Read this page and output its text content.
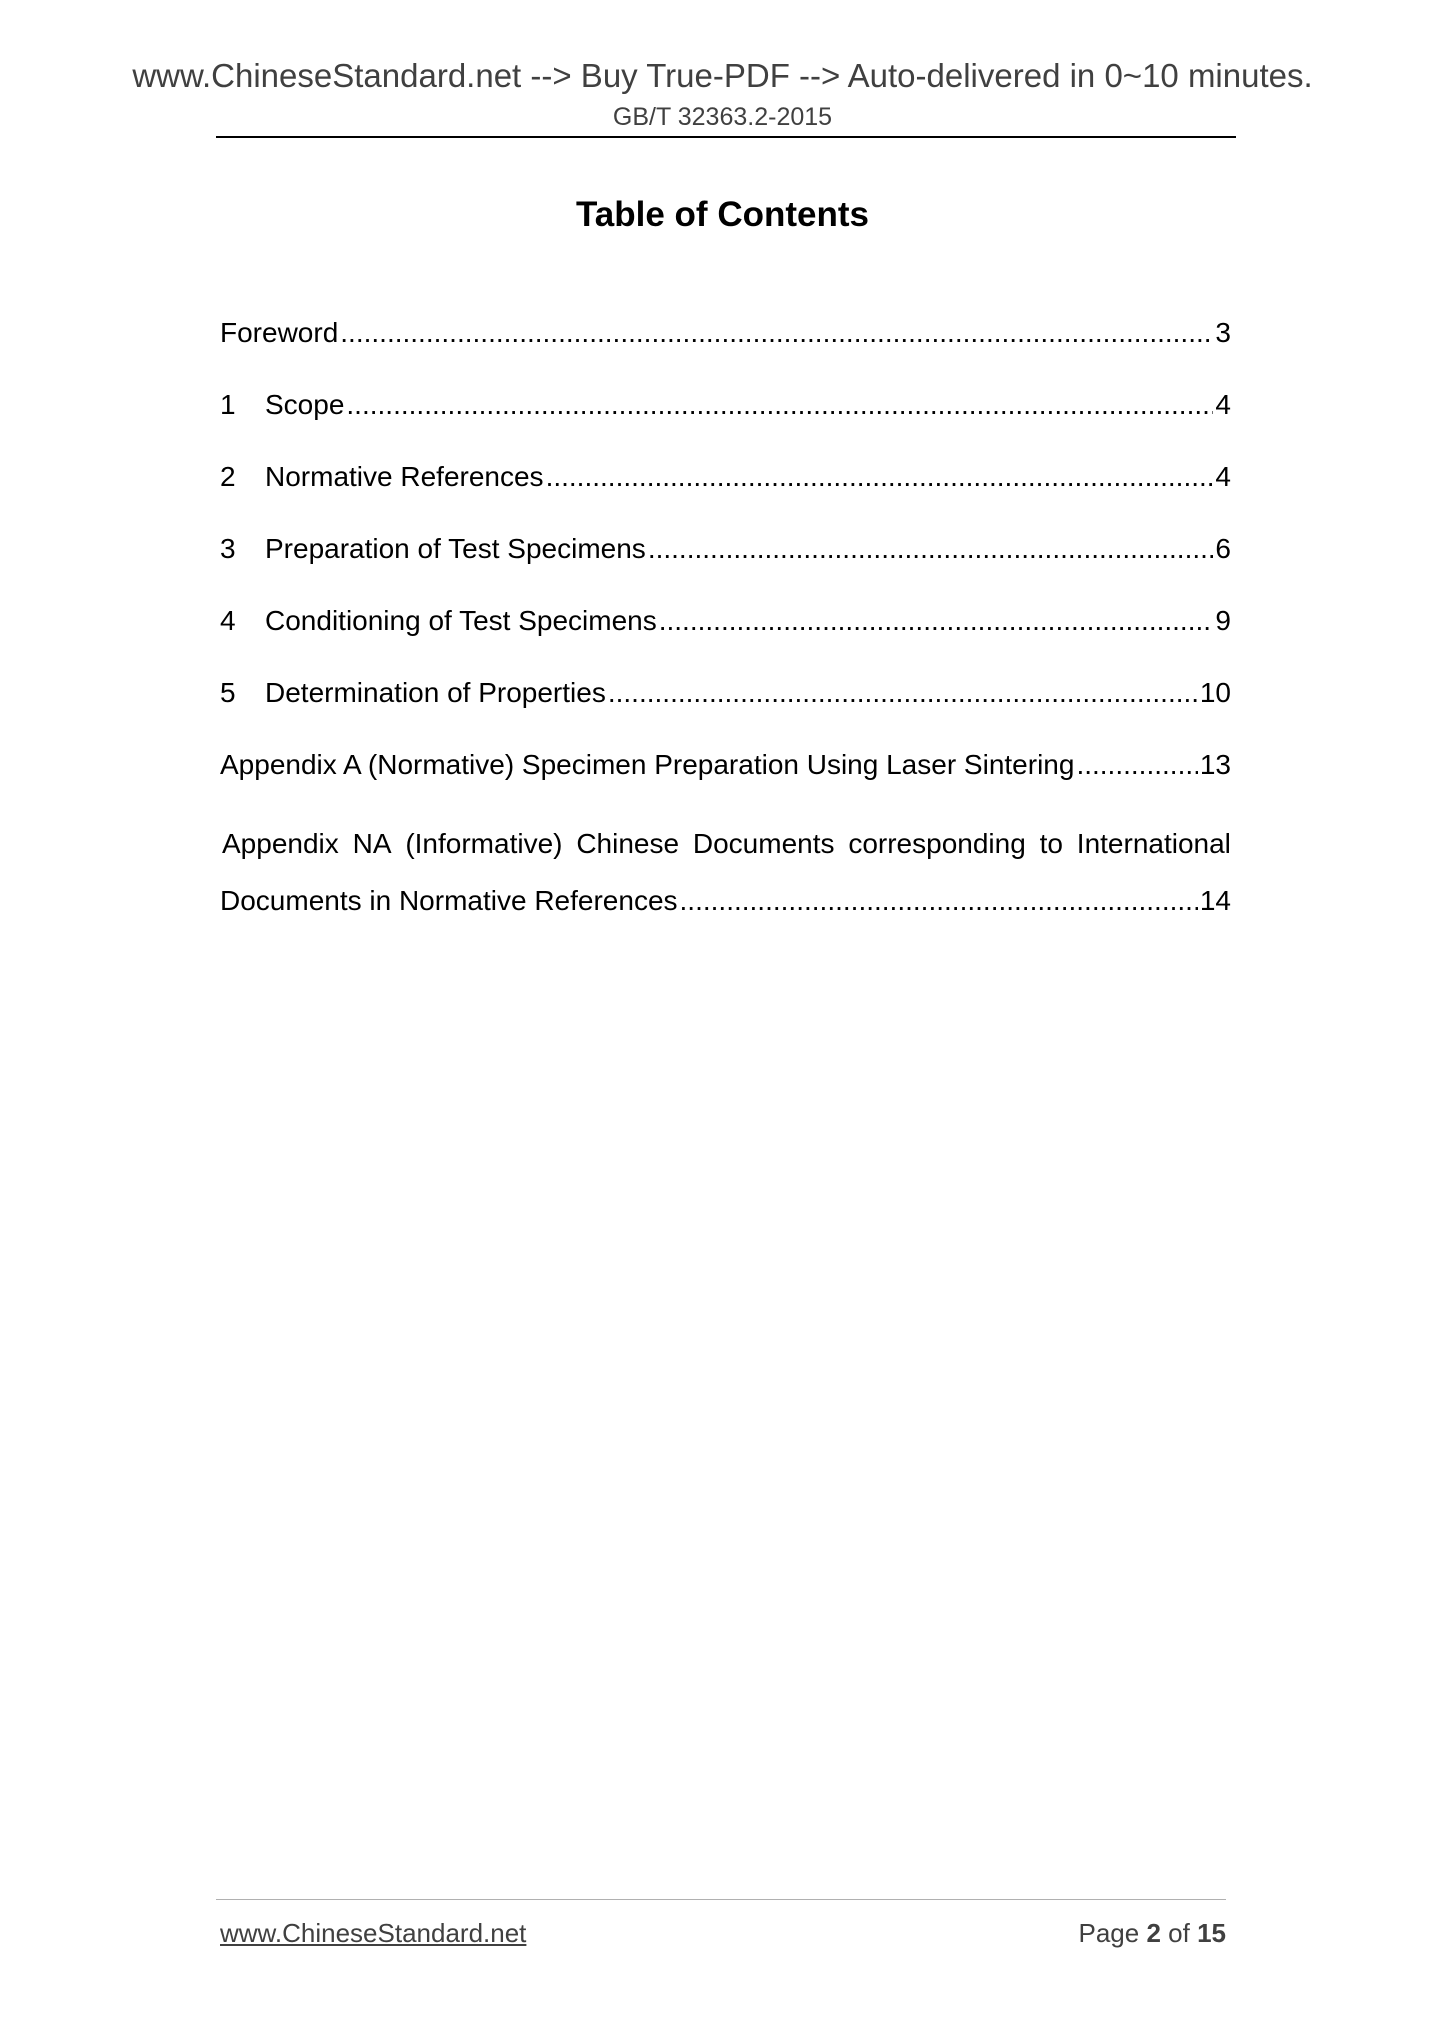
www.ChineseStandard.net --> Buy True-PDF --> Auto-delivered in 0~10 minutes.
GB/T 32363.2-2015
Table of Contents
Foreword .....	3
1	Scope .....	4
2	Normative References .....	4
3	Preparation of Test Specimens .....	6
4	Conditioning of Test Specimens .....	9
5	Determination of Properties .....	10
Appendix A (Normative) Specimen Preparation Using Laser Sintering .....	13
Appendix NA (Informative) Chinese Documents corresponding to International
Documents in Normative References .....	14
www.ChineseStandard.net	Page 2 of 15
